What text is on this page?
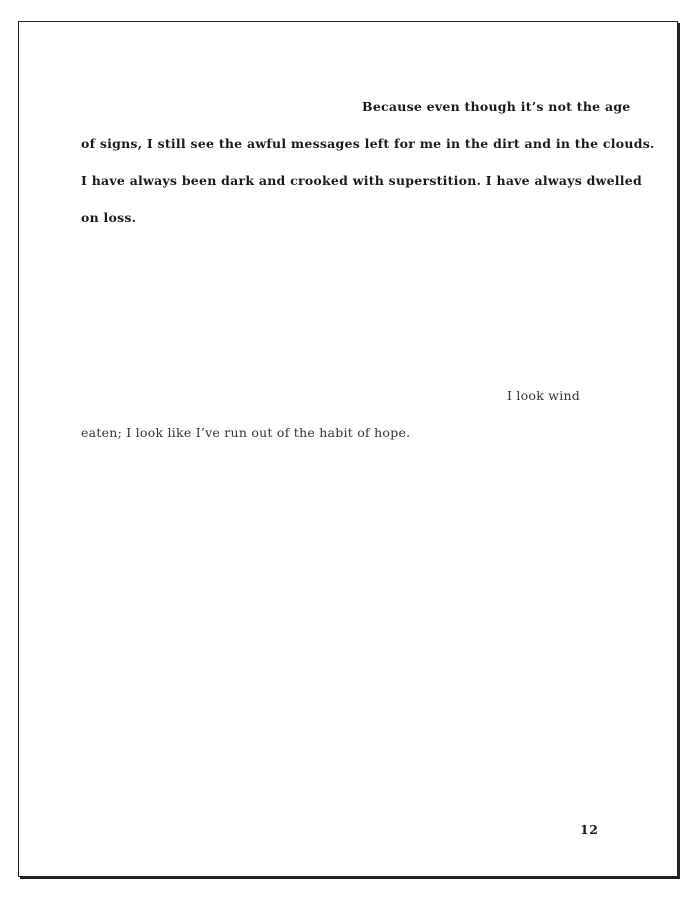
Because even though it’s not the age
of signs, I still see the awful messages left for me in the dirt and in the clouds.
I have always been dark and crooked with superstition. I have always dwelled
on loss.
I look wind
eaten; I look like I’ve run out of the habit of hope.
12
